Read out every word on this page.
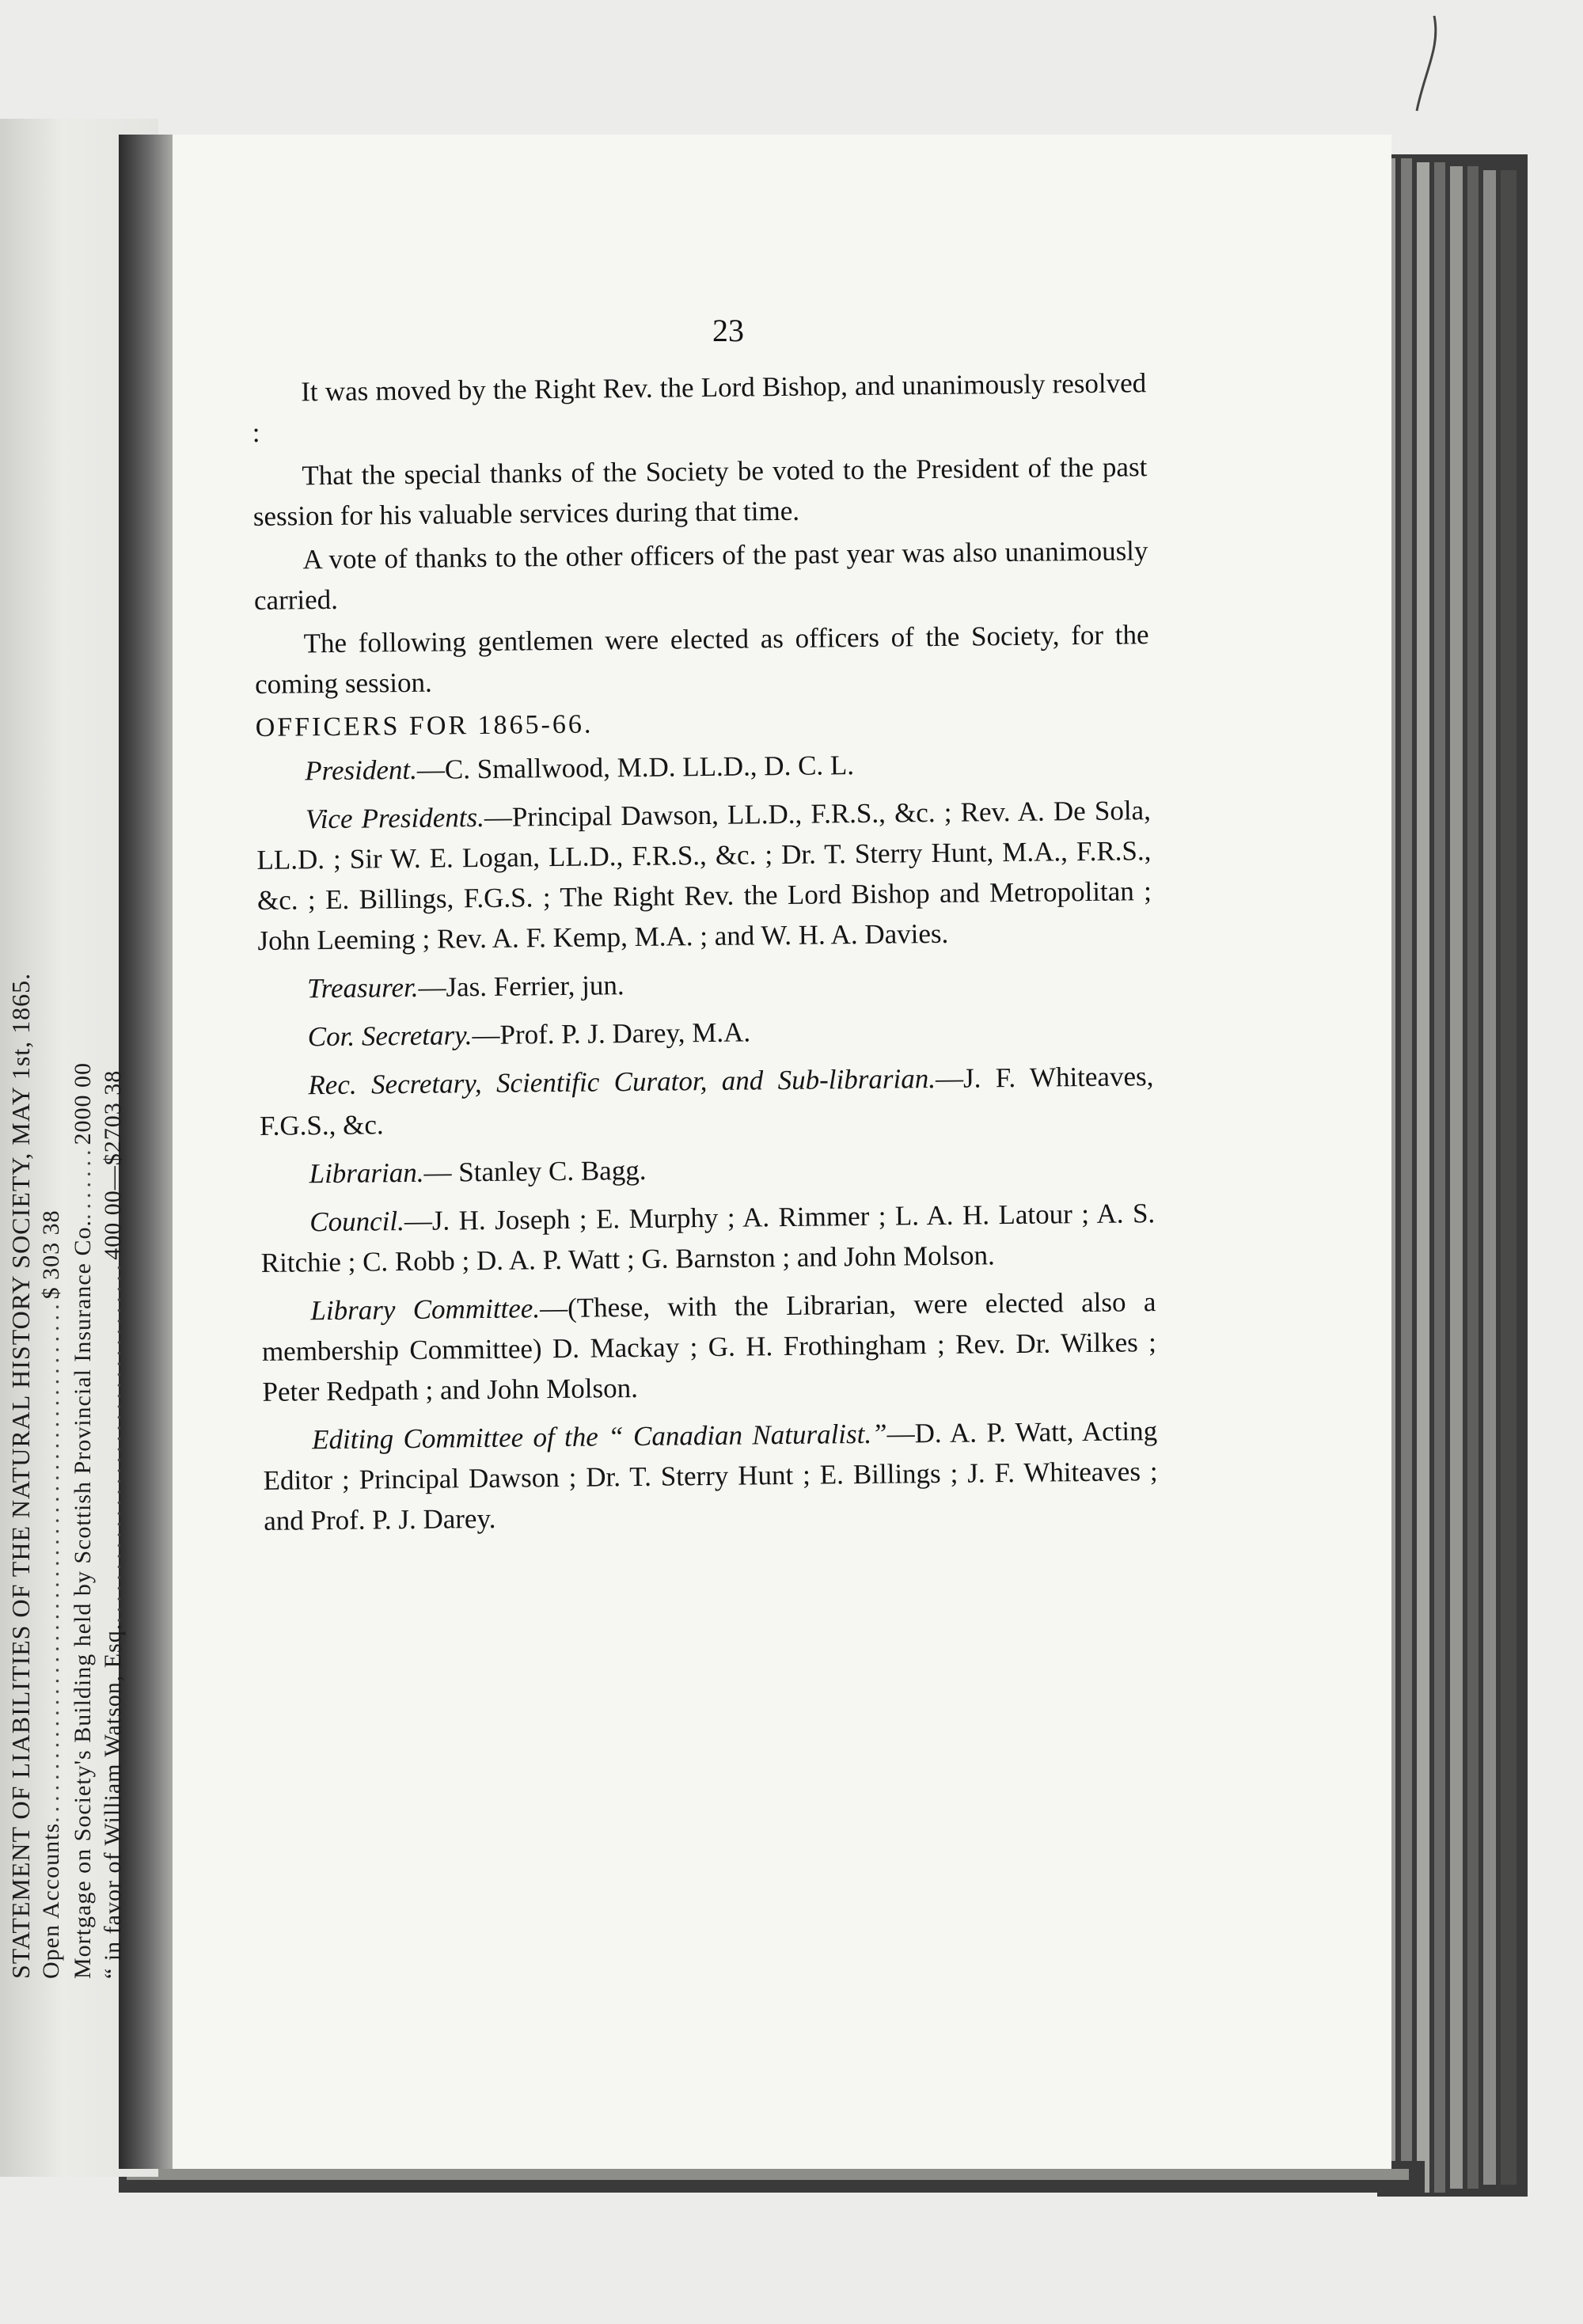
STATEMENT OF LIABILITIES OF THE NATURAL HISTORY SOCIETY, MAY 1st, 1865. Open Accounts.................................................$ 303 38 Mortgage on Society's Building held by Scottish Provincial Insurance Co........2000 00
“ in favor of William Watson, Esq...................................400 00—$2703 38
23

It was moved by the Right Rev. the Lord Bishop, and unanimously resolved :

That the special thanks of the Society be voted to the President of the past session for his valuable services during that time.

A vote of thanks to the other officers of the past year was also unanimously carried.

The following gentlemen were elected as officers of the Society, for the coming session.

OFFICERS FOR 1865-66.

President.—C. Smallwood, M.D. LL.D., D. C. L.

Vice Presidents.—Principal Dawson, LL.D., F.R.S., &c. ; Rev. A. De Sola, LL.D. ; Sir W. E. Logan, LL.D., F.R.S., &c. ; Dr. T. Sterry Hunt, M.A., F.R.S., &c. ; E. Billings, F.G.S. ; The Right Rev. the Lord Bishop and Metropolitan ; John Leeming ; Rev. A. F. Kemp, M.A. ; and W. H. A. Davies.

Treasurer.—Jas. Ferrier, jun.

Cor. Secretary.—Prof. P. J. Darey, M.A.

Rec. Secretary, Scientific Curator, and Sub-librarian.—J. F. Whiteaves, F.G.S., &c.

Librarian.— Stanley C. Bagg.

Council.—J. H. Joseph ; E. Murphy ; A. Rimmer ; L. A. H. Latour ; A. S. Ritchie ; C. Robb ; D. A. P. Watt ; G. Barnston ; and John Molson.

Library Committee.—(These, with the Librarian, were elected also a membership Committee) D. Mackay ; G. H. Frothingham ; Rev. Dr. Wilkes ; Peter Redpath ; and John Molson.

Editing Committee of the “ Canadian Naturalist.”—D. A. P. Watt, Acting Editor ; Principal Dawson ; Dr. T. Sterry Hunt ; E. Billings ; J. F. Whiteaves ; and Prof. P. J. Darey.
